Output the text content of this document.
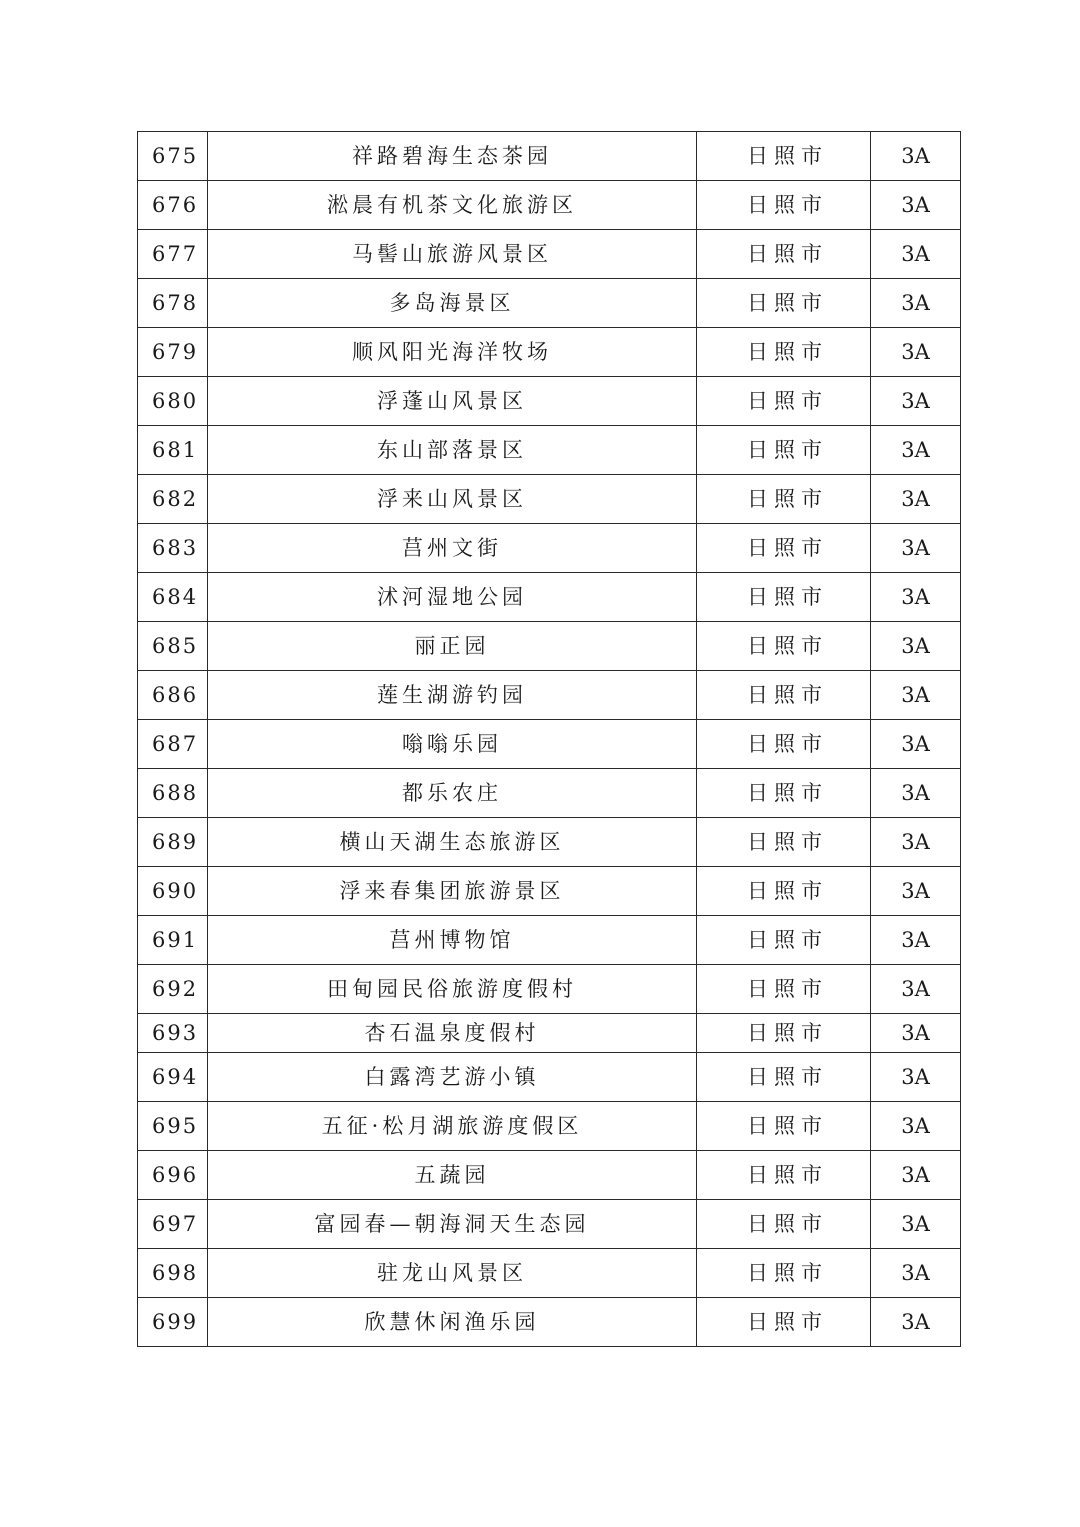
675	祥路碧海生态茶园	日照市	3A
676	淞晨有机茶文化旅游区	日照市	3A
677	马髻山旅游风景区	日照市	3A
678	多岛海景区	日照市	3A
679	顺风阳光海洋牧场	日照市	3A
680	浮蓬山风景区	日照市	3A
681	东山部落景区	日照市	3A
682	浮来山风景区	日照市	3A
683	莒州文街	日照市	3A
684	沭河湿地公园	日照市	3A
685	丽正园	日照市	3A
686	莲生湖游钓园	日照市	3A
687	嗡嗡乐园	日照市	3A
688	都乐农庄	日照市	3A
689	横山天湖生态旅游区	日照市	3A
690	浮来春集团旅游景区	日照市	3A
691	莒州博物馆	日照市	3A
692	田甸园民俗旅游度假村	日照市	3A
693	杏石温泉度假村	日照市	3A
694	白露湾艺游小镇	日照市	3A
695	五征·松月湖旅游度假区	日照市	3A
696	五蔬园	日照市	3A
697	富园春—朝海洞天生态园	日照市	3A
698	驻龙山风景区	日照市	3A
699	欣慧休闲渔乐园	日照市	3A
